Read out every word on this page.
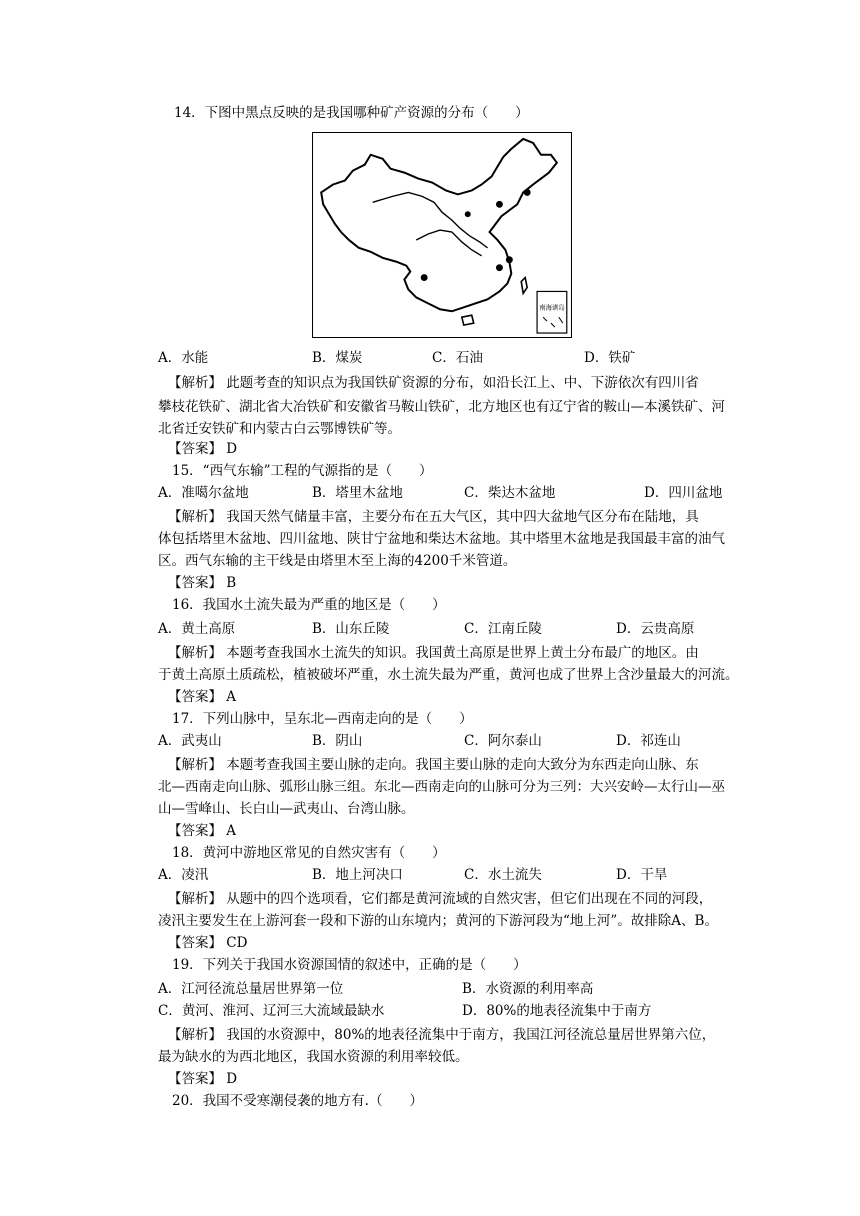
14．下图中黑点反映的是我国哪种矿产资源的分布（　　）
南海诸岛
A．水能	B．煤炭	C．石油	D．铁矿
【解析】 此题考查的知识点为我国铁矿资源的分布，如沿长江上、中、下游依次有四川省
攀枝花铁矿、湖北省大冶铁矿和安徽省马鞍山铁矿，北方地区也有辽宁省的鞍山—本溪铁矿、河
北省迁安铁矿和内蒙古白云鄂博铁矿等。
【答案】 D
15．“西气东输”工程的气源指的是（　　）
A．准噶尔盆地	B．塔里木盆地	C．柴达木盆地	D．四川盆地
【解析】 我国天然气储量丰富，主要分布在五大气区，其中四大盆地气区分布在陆地，具
体包括塔里木盆地、四川盆地、陕甘宁盆地和柴达木盆地。其中塔里木盆地是我国最丰富的油气
区。西气东输的主干线是由塔里木至上海的4200千米管道。
【答案】 B
16．我国水土流失最为严重的地区是（　　）
A．黄土高原	B．山东丘陵	C．江南丘陵	D．云贵高原
【解析】 本题考查我国水土流失的知识。我国黄土高原是世界上黄土分布最广的地区。由
于黄土高原土质疏松，植被破坏严重，水土流失最为严重，黄河也成了世界上含沙量最大的河流。
【答案】 A
17．下列山脉中，呈东北—西南走向的是（　　）
A．武夷山	B．阴山	C．阿尔泰山	D．祁连山
【解析】 本题考查我国主要山脉的走向。我国主要山脉的走向大致分为东西走向山脉、东
北—西南走向山脉、弧形山脉三组。东北—西南走向的山脉可分为三列：大兴安岭—太行山—巫
山—雪峰山、长白山—武夷山、台湾山脉。
【答案】 A
18．黄河中游地区常见的自然灾害有（　　）
A．凌汛	B．地上河决口	C．水土流失	D．干旱
【解析】 从题中的四个选项看，它们都是黄河流域的自然灾害，但它们出现在不同的河段，
凌汛主要发生在上游河套一段和下游的山东境内；黄河的下游河段为“地上河”。故排除A、B。
【答案】 CD
19．下列关于我国水资源国情的叙述中，正确的是（　　）
A．江河径流总量居世界第一位	B．水资源的利用率高
C．黄河、淮河、辽河三大流域最缺水	D．80%的地表径流集中于南方
【解析】 我国的水资源中，80%的地表径流集中于南方，我国江河径流总量居世界第六位，
最为缺水的为西北地区，我国水资源的利用率较低。
【答案】 D
20．我国不受寒潮侵袭的地方有.（　　）
